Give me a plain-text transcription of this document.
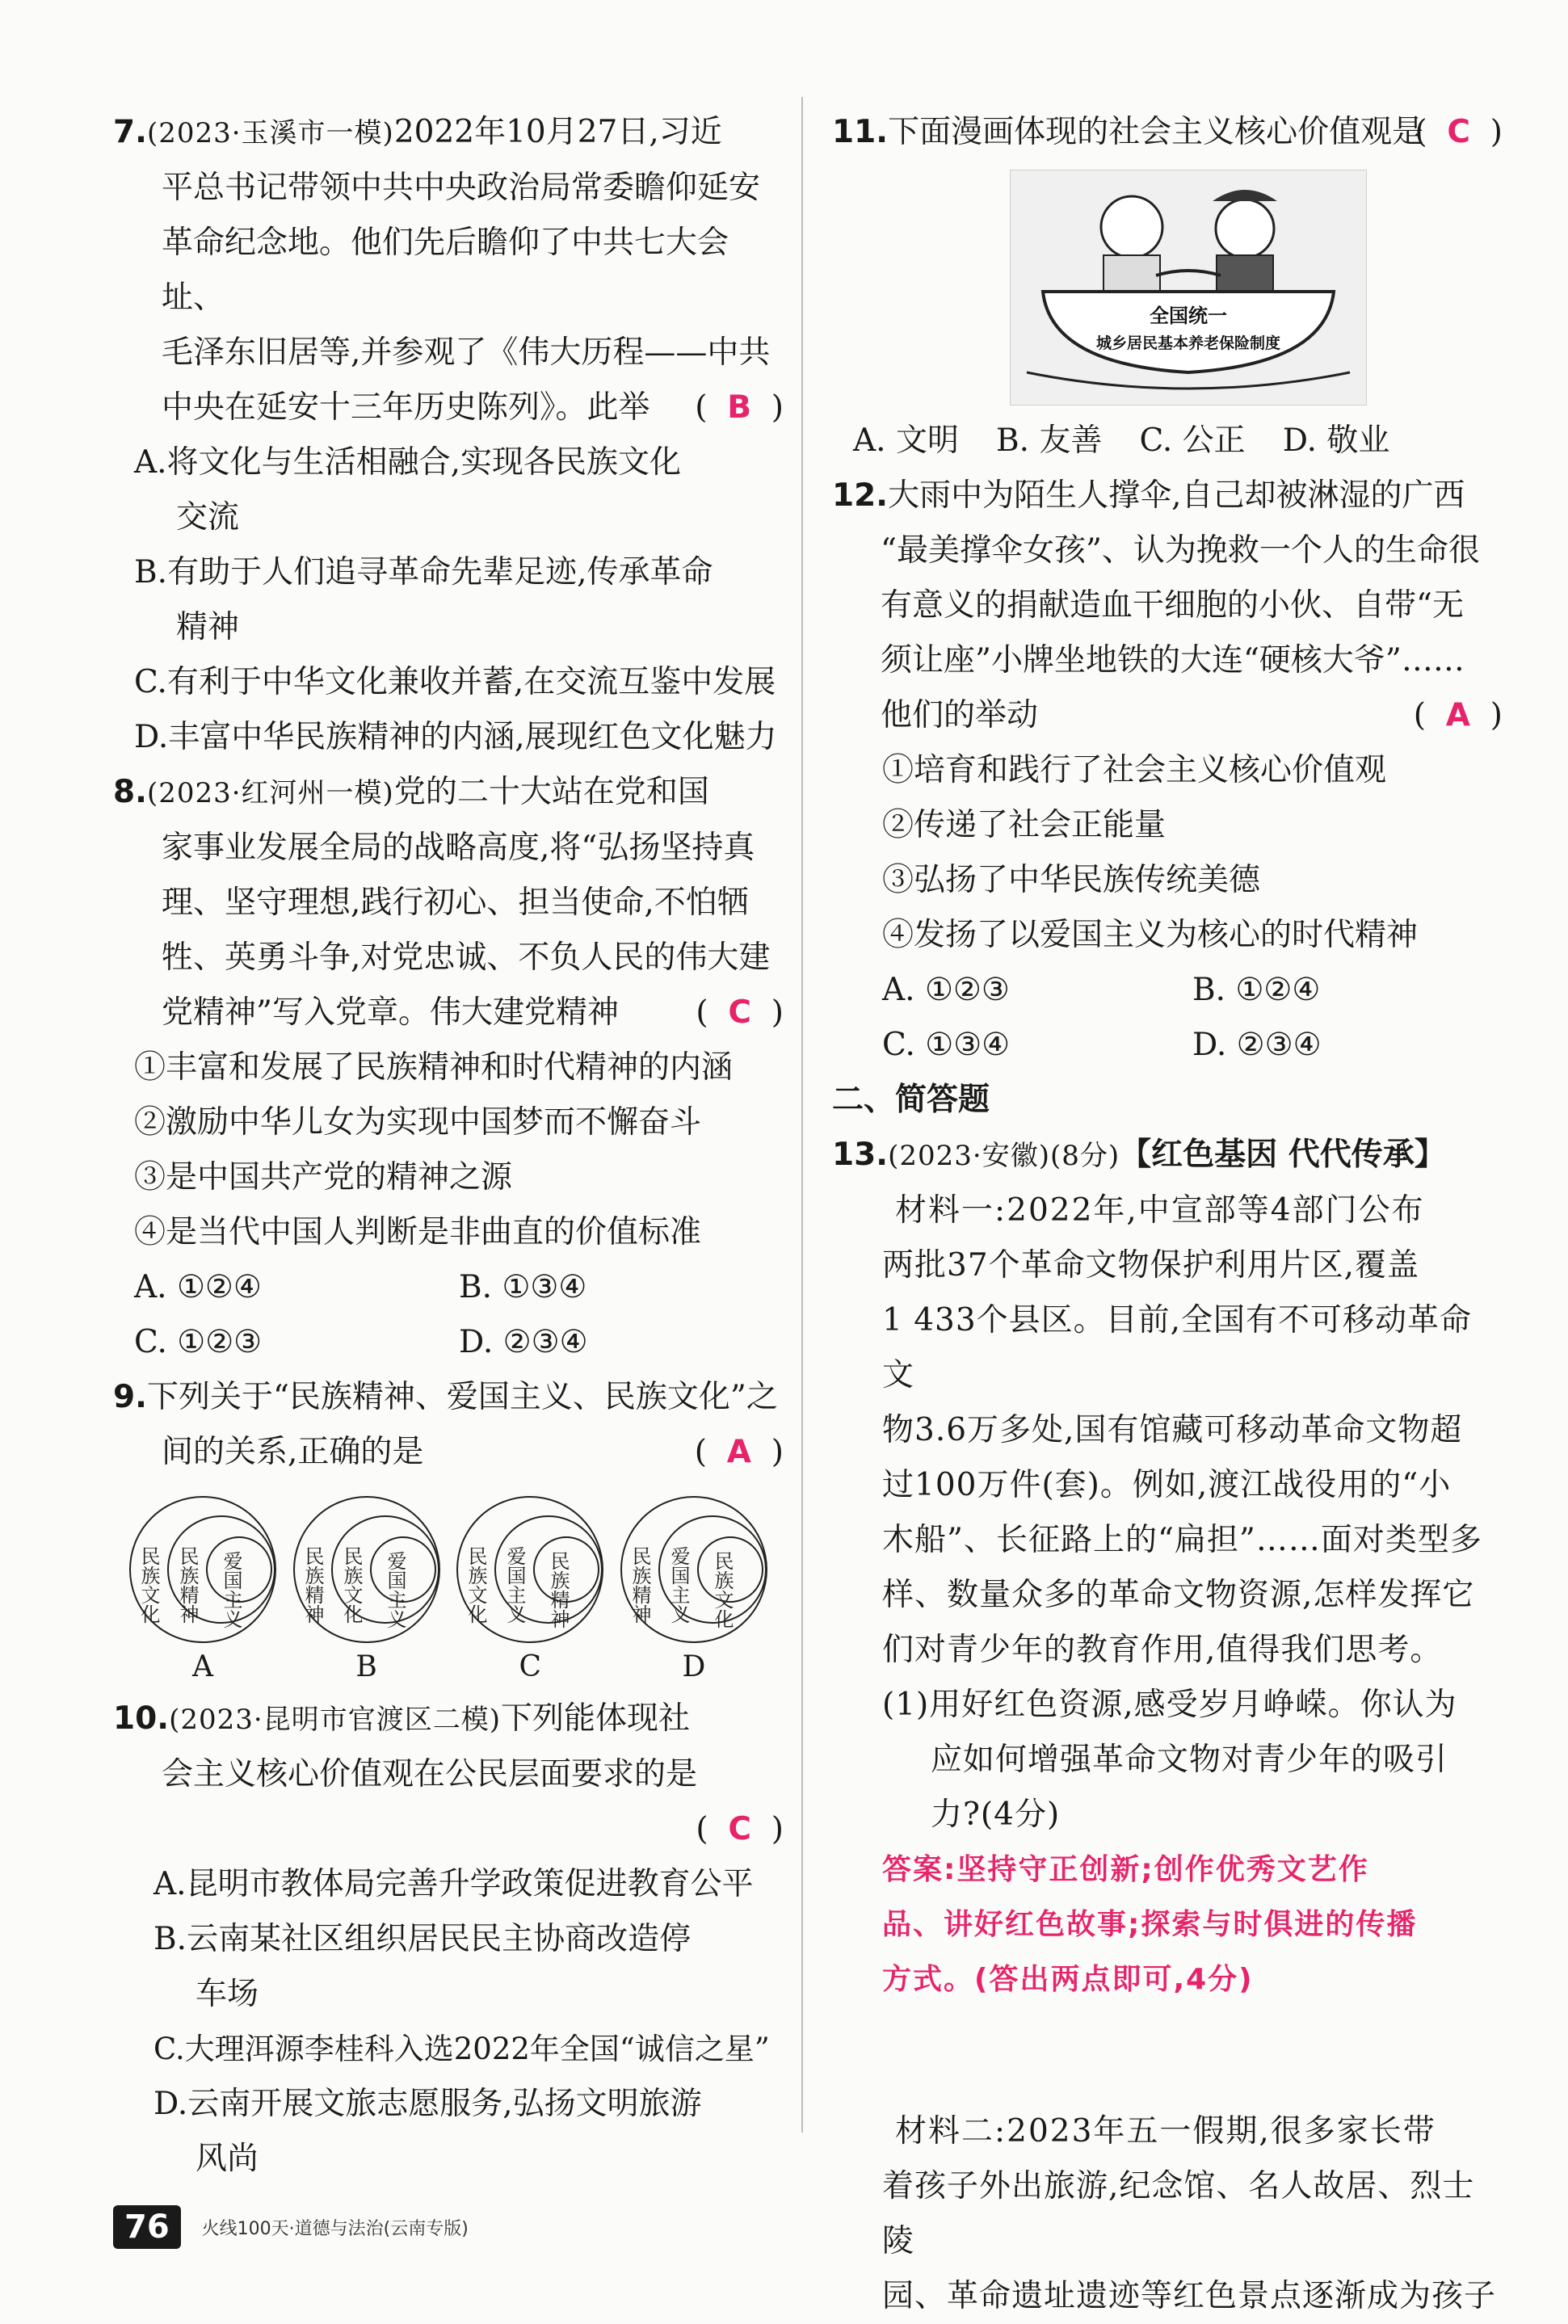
7.(2023·玉溪市一模)2022年10月27日,习近

平总书记带领中共中央政治局常委瞻仰延安

革命纪念地。他们先后瞻仰了中共七大会址、

毛泽东旧居等,并参观了《伟大历程——中共

中央在延安十三年历史陈列》。此举 (  B  )

A.将文化与生活相融合,实现各民族文化

交流

B.有助于人们追寻革命先辈足迹,传承革命

精神

C.有利于中华文化兼收并蓄,在交流互鉴中发展

D.丰富中华民族精神的内涵,展现红色文化魅力

8.(2023·红河州一模)党的二十大站在党和国

家事业发展全局的战略高度,将“弘扬坚持真

理、坚守理想,践行初心、担当使命,不怕牺

牲、英勇斗争,对党忠诚、不负人民的伟大建

党精神”写入党章。伟大建党精神 (  C  )

①丰富和发展了民族精神和时代精神的内涵

②激励中华儿女为实现中国梦而不懈奋斗

③是中国共产党的精神之源

④是当代中国人判断是非曲直的价值标准

A. ①②④	B. ①③④

C. ①②③	D. ②③④

9.下列关于“民族精神、爱国主义、民族文化”之

间的关系,正确的是	(  A  )

民族文化 民族精神 爱国主义
A
民族精神 民族文化 爱国主义
B
民族文化 爱国主义 民族精神
C
民族精神 爱国主义 民族文化
D

10.(2023·昆明市官渡区二模)下列能体现社

会主义核心价值观在公民层面要求的是

(  C  )

A.昆明市教体局完善升学政策促进教育公平

B.云南某社区组织居民民主协商改造停

车场

C.大理洱源李桂科入选2022年全国“诚信之星”

D.云南开展文旅志愿服务,弘扬文明旅游

风尚

11.下面漫画体现的社会主义核心价值观是
(  C  )

全国统一
城乡居民基本养老保险制度

A. 文明 B. 友善 C. 公正 D. 敬业

12.大雨中为陌生人撑伞,自己却被淋湿的广西

“最美撑伞女孩”、认为挽救一个人的生命很

有意义的捐献造血干细胞的小伙、自带“无

须让座”小牌坐地铁的大连“硬核大爷”……

他们的举动	(  A  )

①培育和践行了社会主义核心价值观

②传递了社会正能量

③弘扬了中华民族传统美德

④发扬了以爱国主义为核心的时代精神

A. ①②③	B. ①②④

C. ①③④	D. ②③④

二、简答题

13.(2023·安徽)(8分)【红色基因 代代传承】

材料一:2022年,中宣部等4部门公布

两批37个革命文物保护利用片区,覆盖

1 433个县区。目前,全国有不可移动革命文

物3.6万多处,国有馆藏可移动革命文物超

过100万件(套)。例如,渡江战役用的“小

木船”、长征路上的“扁担”……面对类型多

样、数量众多的革命文物资源,怎样发挥它

们对青少年的教育作用,值得我们思考。

(1)用好红色资源,感受岁月峥嵘。你认为

应如何增强革命文物对青少年的吸引

力?(4分)

答案:坚持守正创新;创作优秀文艺作

品、讲好红色故事;探索与时俱进的传播

方式。(答出两点即可,4分)

材料二:2023年五一假期,很多家长带

着孩子外出旅游,纪念馆、名人故居、烈士陵

园、革命遗址遗迹等红色景点逐渐成为孩子

76	火线100天·道德与法治(云南专版)
